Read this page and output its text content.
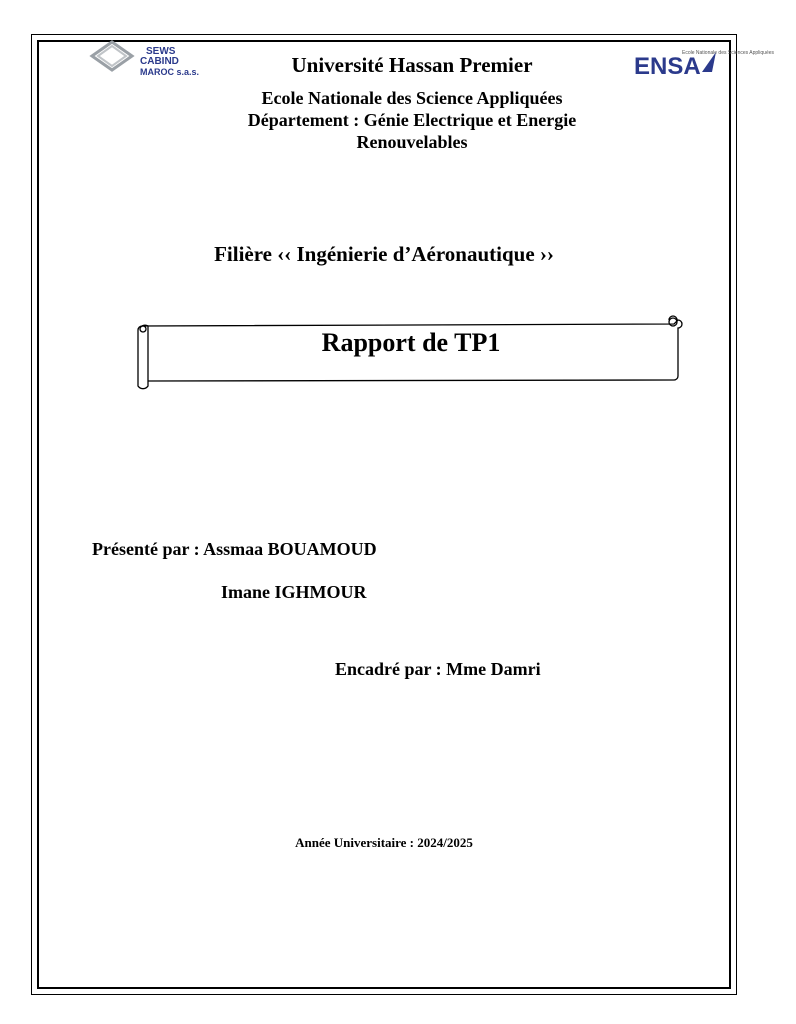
SEWS
CABIND
MAROC s.a.s.	ENSA
Ecole Nationale des Sciences Appliquées
Université Hassan Premier
Ecole Nationale des Science Appliquées
Département : Génie Electrique et Energie
Renouvelables
Filière ‹‹ Ingénierie d’Aéronautique ››
Rapport de TP1
Présenté par : Assmaa BOUAMOUD
Imane IGHMOUR
Encadré par : Mme Damri
Année Universitaire : 2024/2025
